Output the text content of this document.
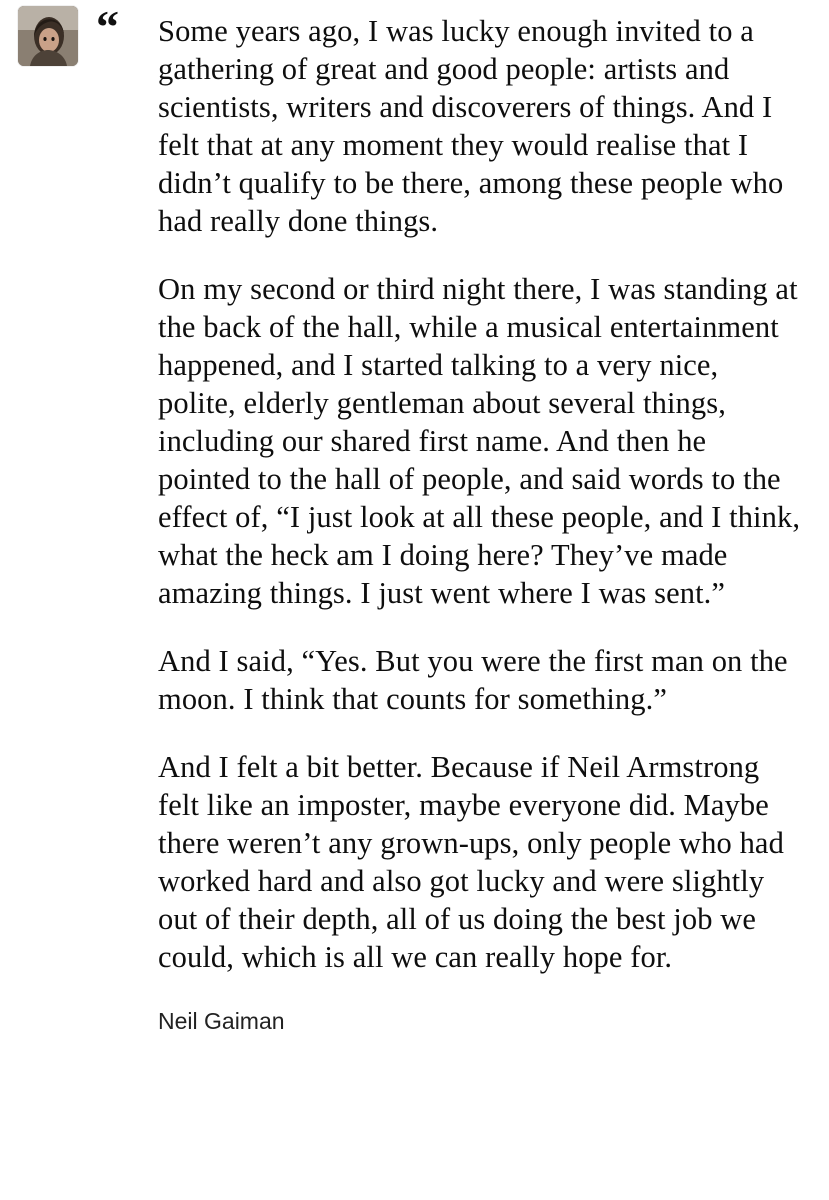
“ Some years ago, I was lucky enough invited to a gathering of great and good people: artists and scientists, writers and discoverers of things. And I felt that at any moment they would realise that I didn’t qualify to be there, among these people who had really done things.

On my second or third night there, I was standing at the back of the hall, while a musical entertainment happened, and I started talking to a very nice, polite, elderly gentleman about several things, including our shared first name. And then he pointed to the hall of people, and said words to the effect of, “I just look at all these people, and I think, what the heck am I doing here? They’ve made amazing things. I just went where I was sent.”

And I said, “Yes. But you were the first man on the moon. I think that counts for something.”

And I felt a bit better. Because if Neil Armstrong felt like an imposter, maybe everyone did. Maybe there weren’t any grown-ups, only people who had worked hard and also got lucky and were slightly out of their depth, all of us doing the best job we could, which is all we can really hope for.

Neil Gaiman
